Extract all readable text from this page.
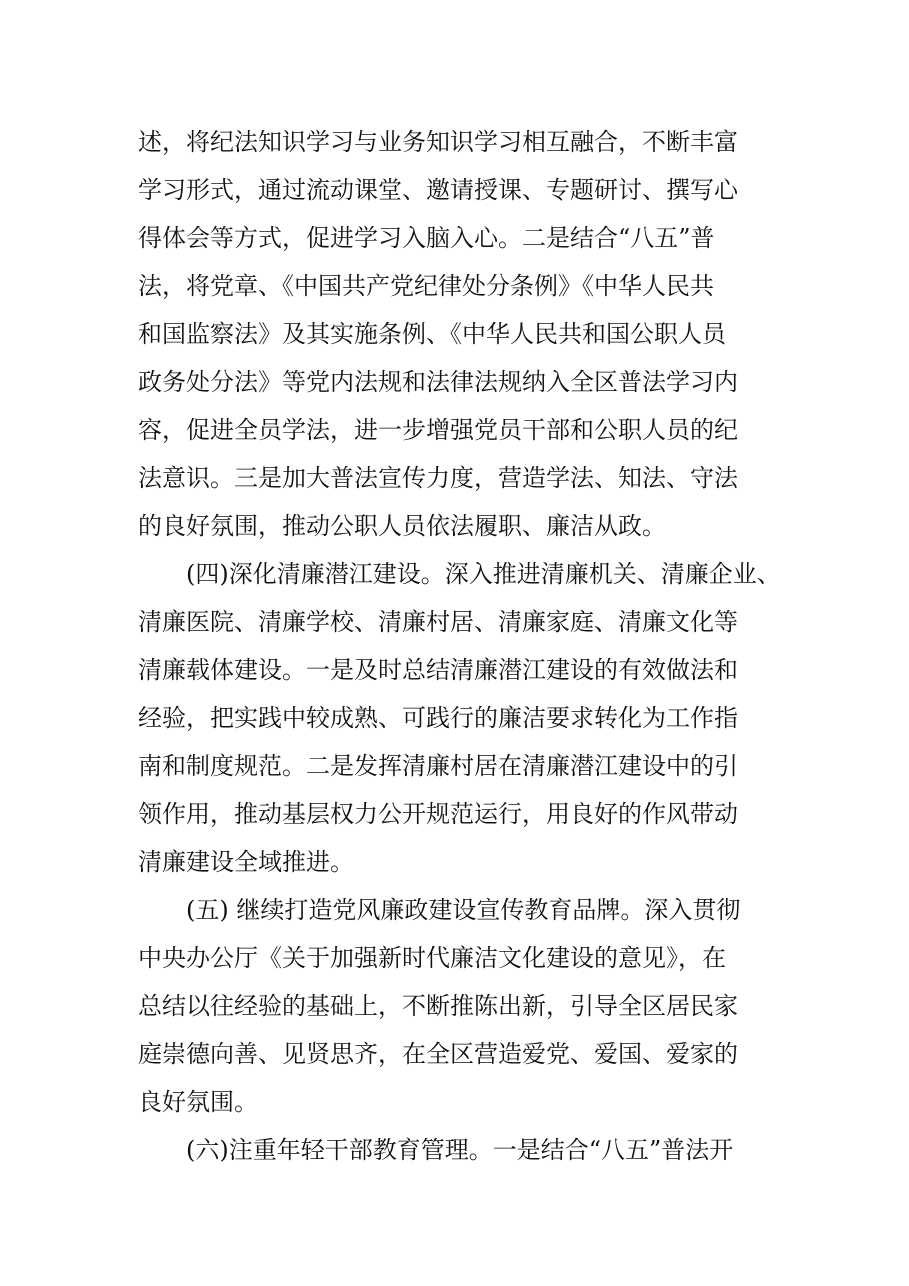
述，将纪法知识学习与业务知识学习相互融合，不断丰富
学习形式，通过流动课堂、邀请授课、专题研讨、撰写心
得体会等方式，促进学习入脑入心。二是结合“八五”普
法，将党章、《中国共产党纪律处分条例》《中华人民共
和国监察法》及其实施条例、《中华人民共和国公职人员
政务处分法》等党内法规和法律法规纳入全区普法学习内
容，促进全员学法，进一步增强党员干部和公职人员的纪
法意识。三是加大普法宣传力度，营造学法、知法、守法
的良好氛围，推动公职人员依法履职、廉洁从政。
(四)深化清廉潜江建设。深入推进清廉机关、清廉企业、
清廉医院、清廉学校、清廉村居、清廉家庭、清廉文化等
清廉载体建设。一是及时总结清廉潜江建设的有效做法和
经验，把实践中较成熟、可践行的廉洁要求转化为工作指
南和制度规范。二是发挥清廉村居在清廉潜江建设中的引
领作用，推动基层权力公开规范运行，用良好的作风带动
清廉建设全域推进。
(五) 继续打造党风廉政建设宣传教育品牌。深入贯彻
中央办公厅《关于加强新时代廉洁文化建设的意见》，在
总结以往经验的基础上，不断推陈出新，引导全区居民家
庭崇德向善、见贤思齐，在全区营造爱党、爱国、爱家的
良好氛围。
(六)注重年轻干部教育管理。一是结合“八五”普法开
